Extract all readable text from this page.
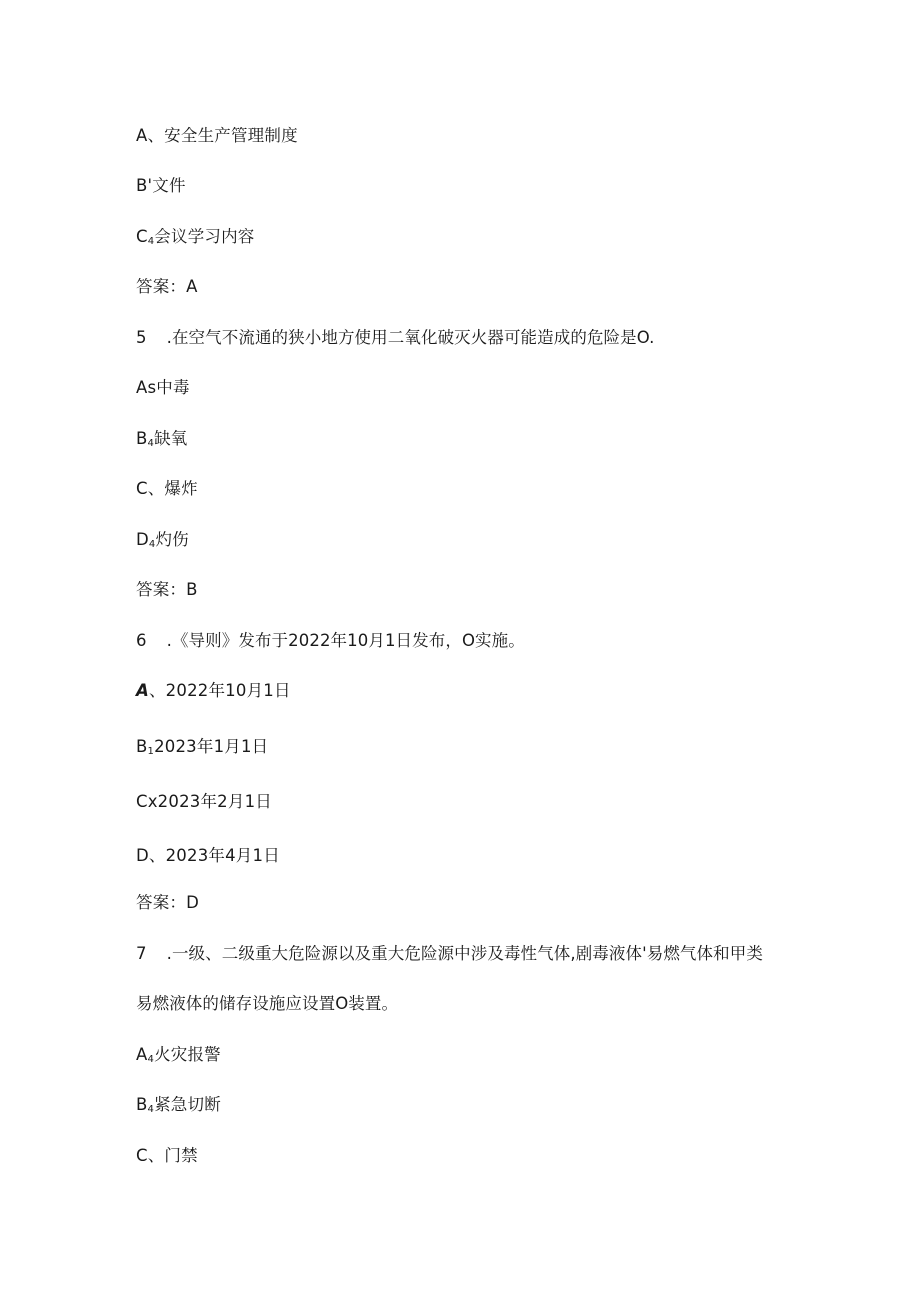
A、安全生产管理制度
B'文件
$C_4$会议学习内容
答案：A
5 .在空气不流通的狭小地方使用二氧化破灭火器可能造成的危险是O.
As中毒
$B_4$缺氧
C、爆炸
$D_4$灼伤
答案：B
6 .《导则》发布于2022年10月1日发布，O实施。
A、2022年10月1日
$B_12023$年1月1日
Cx2023年2月1日
D、2023年4月1日
答案：D
7 .一级、二级重大危险源以及重大危险源中涉及毒性气体,剧毒液体'易燃气体和甲类
易燃液体的储存设施应设置O装置。
$A_4$火灾报警
$B_4$紧急切断
C、门禁
